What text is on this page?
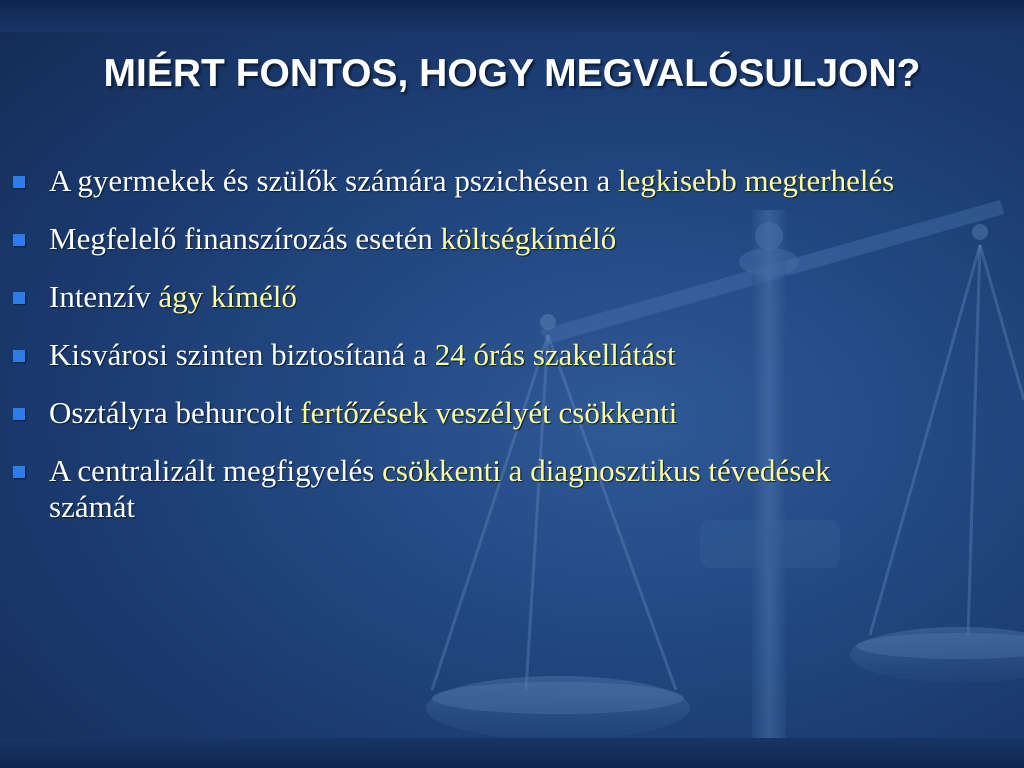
MIÉRT FONTOS, HOGY MEGVALÓSULJON?
A gyermekek és szülők számára pszichésen a legkisebb megterhelés
Megfelelő finanszírozás esetén költségkímélő
Intenzív ágy kímélő
Kisvárosi szinten biztosítaná a 24 órás szakellátást
Osztályra behurcolt fertőzések veszélyét csökkenti
A centralizált megfigyelés csökkenti a diagnosztikus tévedések számát
